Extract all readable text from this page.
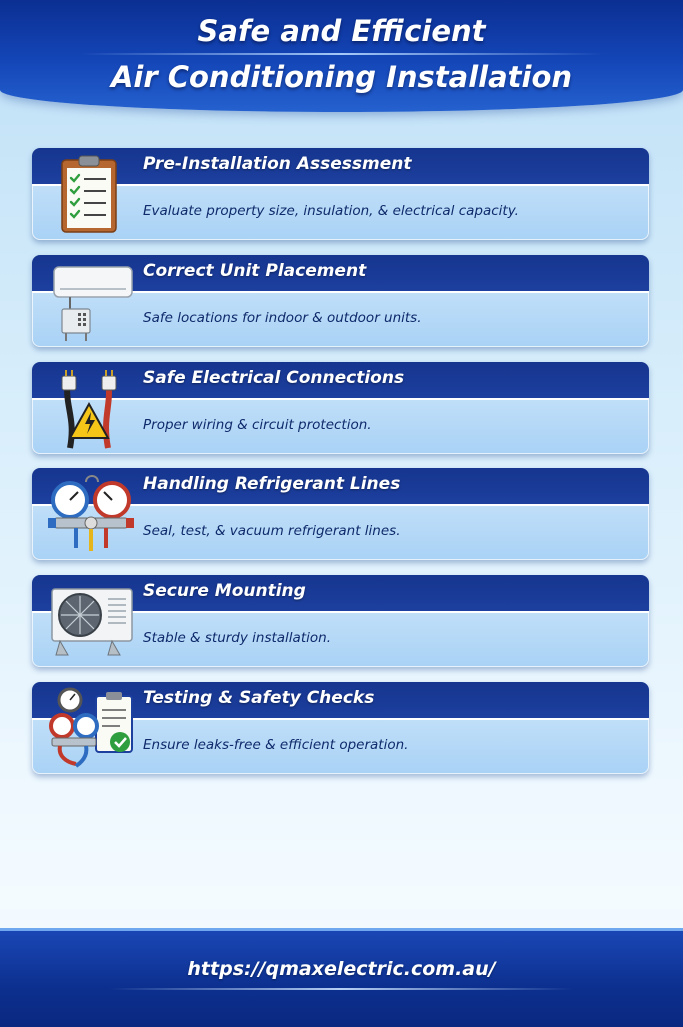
Safe and Efficient
Air Conditioning Installation
Pre-Installation Assessment
Evaluate property size, insulation, & electrical capacity.
Correct Unit Placement
Safe locations for indoor & outdoor units.
Safe Electrical Connections
Proper wiring & circuit protection.
Handling Refrigerant Lines
Seal, test, & vacuum refrigerant lines.
Secure Mounting
Stable & sturdy installation.
Testing & Safety Checks
Ensure leaks-free & efficient operation.
https://qmaxelectric.com.au/
